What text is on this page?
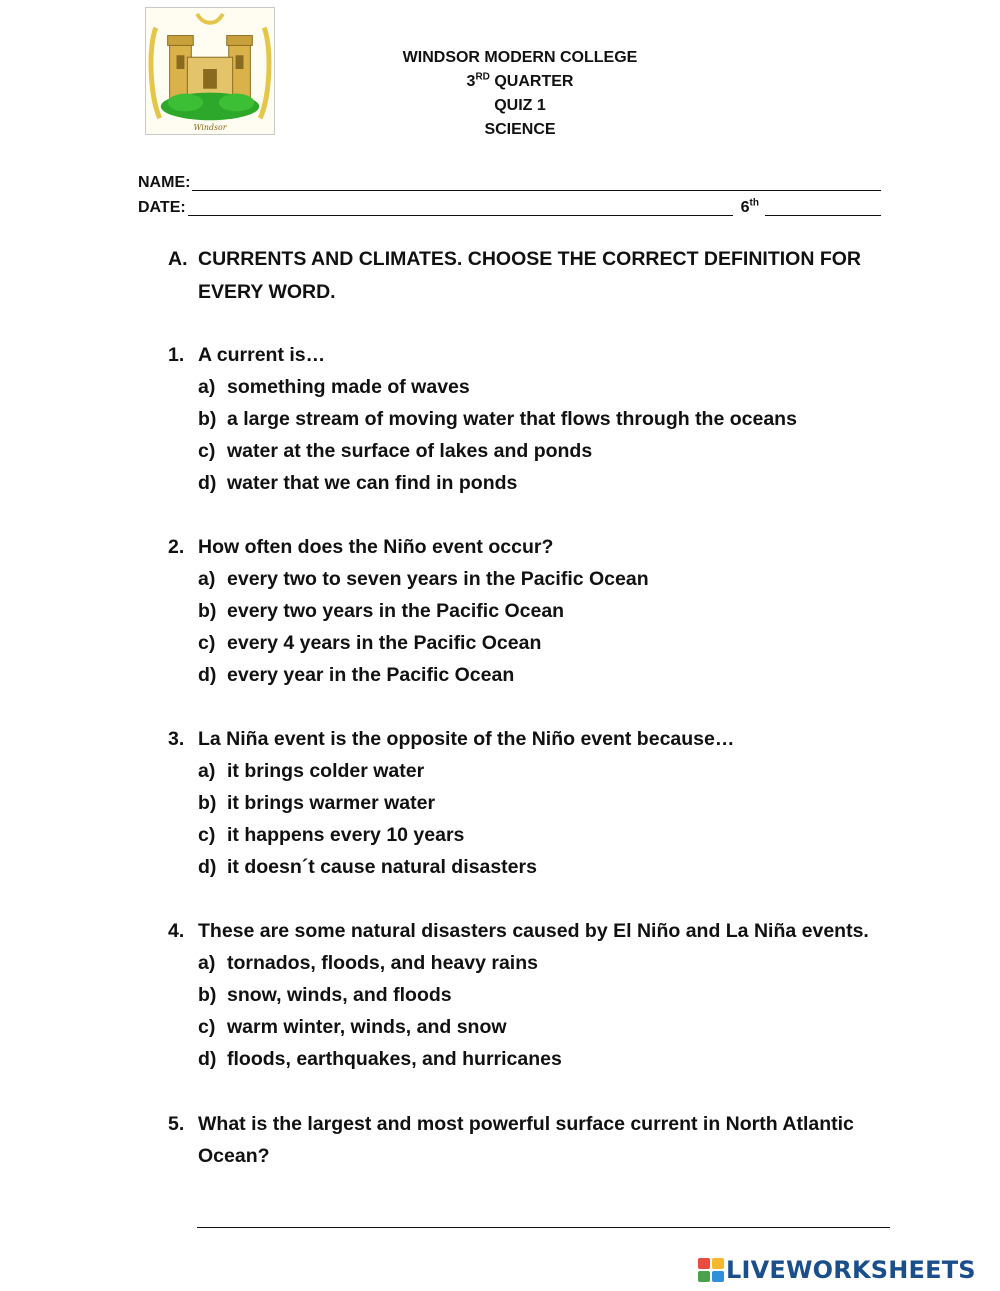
Windsor
WINDSOR MODERN COLLEGE
3RD QUARTER
QUIZ 1
SCIENCE
NAME:
DATE:	6th
A. CURRENTS AND CLIMATES. CHOOSE THE CORRECT DEFINITION FOR EVERY WORD.
1. A current is…
a) something made of waves
b) a large stream of moving water that flows through the oceans
c) water at the surface of lakes and ponds
d) water that we can find in ponds
2. How often does the Niño event occur?
a) every two to seven years in the Pacific Ocean
b) every two years in the Pacific Ocean
c) every 4 years in the Pacific Ocean
d) every year in the Pacific Ocean
3. La Niña event is the opposite of the Niño event because…
a) it brings colder water
b) it brings warmer water
c) it happens every 10 years
d) it doesn´t cause natural disasters
4. These are some natural disasters caused by El Niño and La Niña events.
a) tornados, floods, and heavy rains
b) snow, winds, and floods
c) warm winter, winds, and snow
d) floods, earthquakes, and hurricanes
5. What is the largest and most powerful surface current in North Atlantic Ocean?
LIVEWORKSHEETS
